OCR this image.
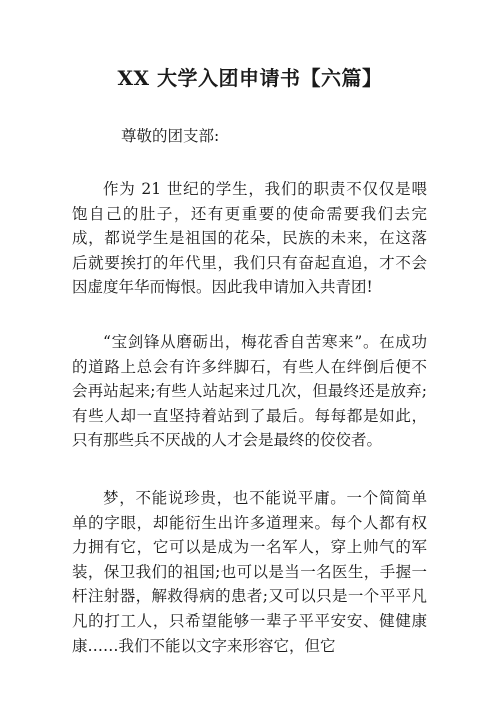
XX 大学入团申请书【六篇】

尊敬的团支部:

作为 21 世纪的学生，我们的职责不仅仅是喂饱自己的肚子，还有更重要的使命需要我们去完成，都说学生是祖国的花朵，民族的未来，在这落后就要挨打的年代里，我们只有奋起直追，才不会因虚度年华而悔恨。因此我申请加入共青团!

“宝剑锋从磨砺出，梅花香自苦寒来”。在成功的道路上总会有许多绊脚石，有些人在绊倒后便不会再站起来;有些人站起来过几次，但最终还是放弃;有些人却一直坚持着站到了最后。每每都是如此，只有那些兵不厌战的人才会是最终的佼佼者。

梦，不能说珍贵，也不能说平庸。一个简简单单的字眼，却能衍生出许多道理来。每个人都有权力拥有它，它可以是成为一名军人，穿上帅气的军装，保卫我们的祖国;也可以是当一名医生，手握一杆注射器，解救得病的患者;又可以只是一个平平凡凡的打工人，只希望能够一辈子平平安安、健健康康……我们不能以文字来形容它，但它
